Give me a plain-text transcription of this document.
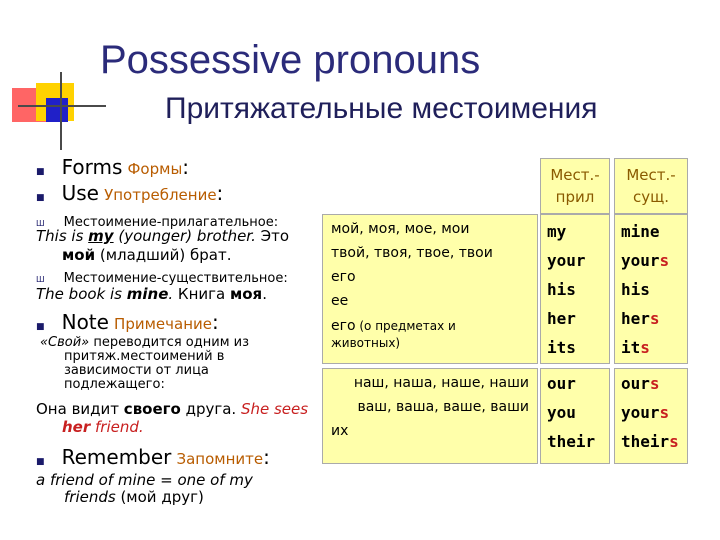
Possessive pronouns
Притяжательные местоимения
■ Forms Формы:
■ Use Употребление:
Ш Местоимение-прилагательное:
This is my (younger) brother. Это
мой (младший) брат.
Ш Местоимение-существительное:
The book is mine. Книга моя.
■ Note Примечание:
«Свой» переводится одним из
притяж.местоимений в
зависимости от лица
подлежащего:
Она видит своего друга. She sees
her friend.
■ Remember Запомните:
a friend of mine = one of my
friends (мой друг)
Мест.-
прил
Мест.-
сущ.
мой, моя, мое, мои
твой, твоя, твое, твои
его
ее
его (о предметах и
животных)
my
your
his
her
its
mine
yours
his
hers
its
наш, наша, наше, наши
ваш, ваша, ваше, ваши
их
our
you
their
ours
yours
theirs
